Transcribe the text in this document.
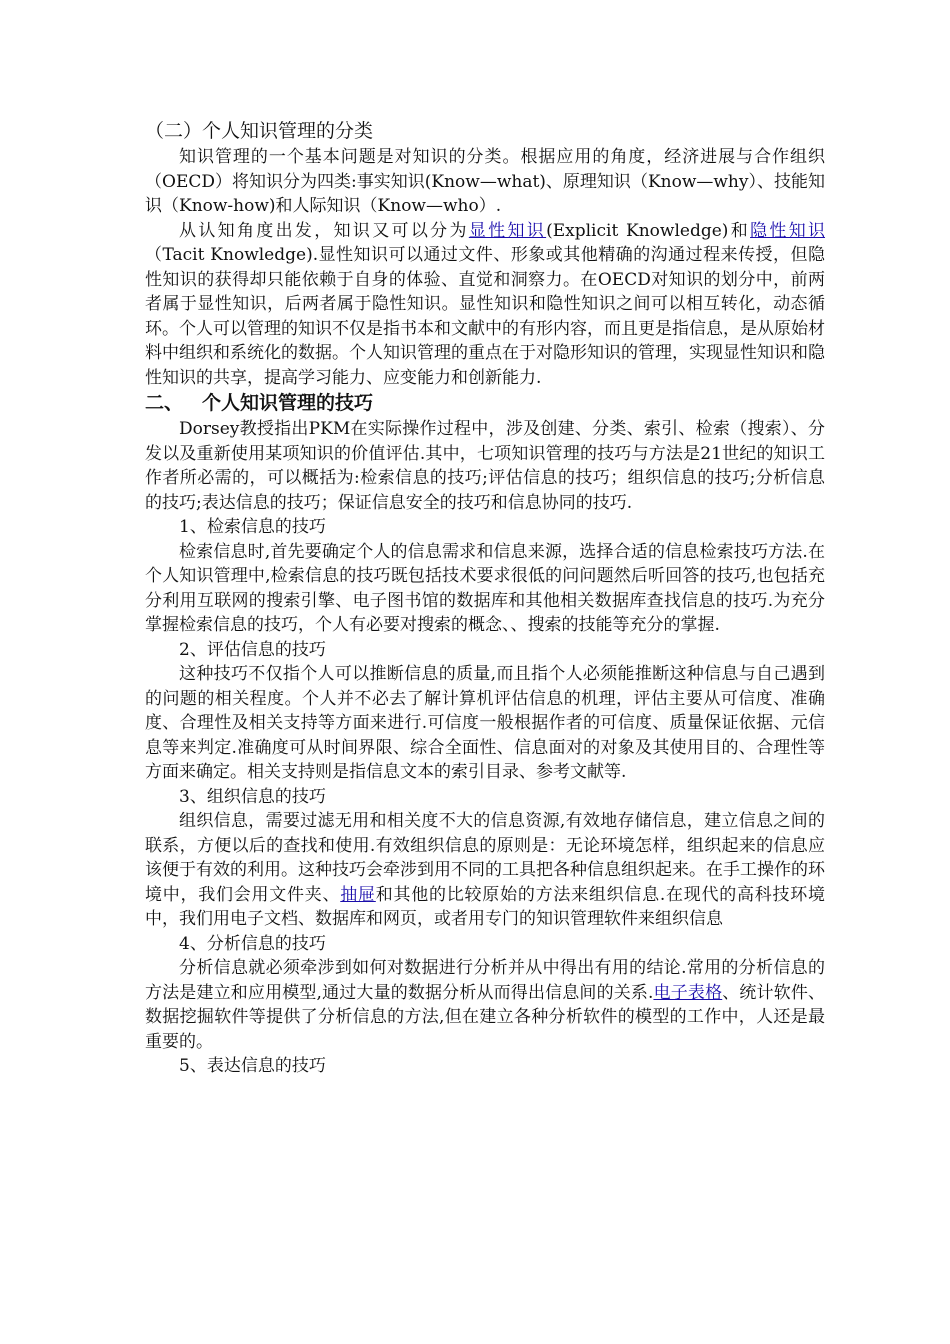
（二）个人知识管理的分类

知识管理的一个基本问题是对知识的分类。根据应用的角度，经济进展与合作组织（OECD）将知识分为四类:事实知识(Know—what)、原理知识（Know—why）、技能知识（Know-how)和人际知识（Know—who）.

从认知角度出发，知识又可以分为显性知识(Explicit Knowledge)和隐性知识（Tacit Knowledge).显性知识可以通过文件、形象或其他精确的沟通过程来传授，但隐性知识的获得却只能依赖于自身的体验、直觉和洞察力。在OECD对知识的划分中，前两者属于显性知识，后两者属于隐性知识。显性知识和隐性知识之间可以相互转化，动态循环。个人可以管理的知识不仅是指书本和文献中的有形内容，而且更是指信息，是从原始材料中组织和系统化的数据。个人知识管理的重点在于对隐形知识的管理，实现显性知识和隐性知识的共享，提高学习能力、应变能力和创新能力.

二、 个人知识管理的技巧

Dorsey教授指出PKM在实际操作过程中，涉及创建、分类、索引、检索（搜索）、分发以及重新使用某项知识的价值评估.其中，七项知识管理的技巧与方法是21世纪的知识工作者所必需的，可以概括为:检索信息的技巧;评估信息的技巧；组织信息的技巧;分析信息的技巧;表达信息的技巧；保证信息安全的技巧和信息协同的技巧.

1、检索信息的技巧

检索信息时,首先要确定个人的信息需求和信息来源，选择合适的信息检索技巧方法.在个人知识管理中,检索信息的技巧既包括技术要求很低的问问题然后听回答的技巧,也包括充分利用互联网的搜索引擎、电子图书馆的数据库和其他相关数据库查找信息的技巧.为充分掌握检索信息的技巧，个人有必要对搜索的概念、、搜索的技能等充分的掌握.

2、评估信息的技巧

这种技巧不仅指个人可以推断信息的质量,而且指个人必须能推断这种信息与自己遇到的问题的相关程度。个人并不必去了解计算机评估信息的机理，评估主要从可信度、准确度、合理性及相关支持等方面来进行.可信度一般根据作者的可信度、质量保证依据、元信息等来判定.准确度可从时间界限、综合全面性、信息面对的对象及其使用目的、合理性等方面来确定。相关支持则是指信息文本的索引目录、参考文献等.

3、组织信息的技巧

组织信息，需要过滤无用和相关度不大的信息资源,有效地存储信息，建立信息之间的联系，方便以后的查找和使用.有效组织信息的原则是：无论环境怎样，组织起来的信息应该便于有效的利用。这种技巧会牵涉到用不同的工具把各种信息组织起来。在手工操作的环境中，我们会用文件夹、抽屉和其他的比较原始的方法来组织信息.在现代的高科技环境中，我们用电子文档、数据库和网页，或者用专门的知识管理软件来组织信息

4、分析信息的技巧

分析信息就必须牵涉到如何对数据进行分析并从中得出有用的结论.常用的分析信息的方法是建立和应用模型,通过大量的数据分析从而得出信息间的关系.电子表格、统计软件、数据挖掘软件等提供了分析信息的方法,但在建立各种分析软件的模型的工作中，人还是最重要的。

5、表达信息的技巧
